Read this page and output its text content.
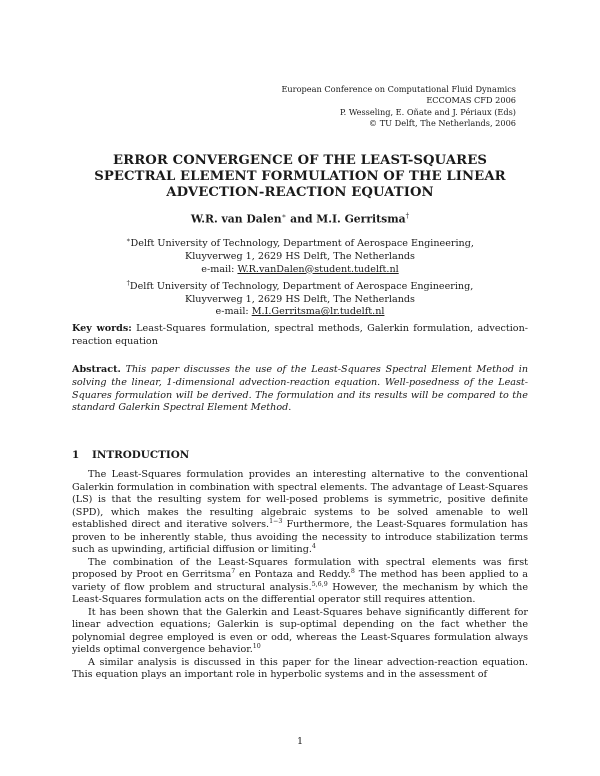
European Conference on Computational Fluid Dynamics
ECCOMAS CFD 2006
P. Wesseling, E. Oñate and J. Périaux (Eds)
© TU Delft, The Netherlands, 2006
ERROR CONVERGENCE OF THE LEAST-SQUARES
SPECTRAL ELEMENT FORMULATION OF THE LINEAR
ADVECTION-REACTION EQUATION
W.R. van Dalen∗ and M.I. Gerritsma†
∗Delft University of Technology, Department of Aerospace Engineering,
Kluyverweg 1, 2629 HS Delft, The Netherlands
e-mail: W.R.vanDalen@student.tudelft.nl
†Delft University of Technology, Department of Aerospace Engineering,
Kluyverweg 1, 2629 HS Delft, The Netherlands
e-mail: M.I.Gerritsma@lr.tudelft.nl
Key words: Least-Squares formulation, spectral methods, Galerkin formulation, advection-reaction equation
Abstract. This paper discusses the use of the Least-Squares Spectral Element Method in solving the linear, 1-dimensional advection-reaction equation. Well-posedness of the Least-Squares formulation will be derived. The formulation and its results will be compared to the standard Galerkin Spectral Element Method.
1 INTRODUCTION

The Least-Squares formulation provides an interesting alternative to the conventional Galerkin formulation in combination with spectral elements. The advantage of Least-Squares (LS) is that the resulting system for well-posed problems is symmetric, positive definite (SPD), which makes the resulting algebraic systems to be solved amenable to well established direct and iterative solvers.$^{1-3}$ Furthermore, the Least-Squares formulation has proven to be inherently stable, thus avoiding the necessity to introduce stabilization terms such as upwinding, artificial diffusion or limiting.$^4$

The combination of the Least-Squares formulation with spectral elements was first proposed by Proot en Gerritsma$^7$ en Pontaza and Reddy.$^8$ The method has been applied to a variety of flow problem and structural analysis.$^{5,6,9}$ However, the mechanism by which the Least-Squares formulation acts on the differential operator still requires attention.

It has been shown that the Galerkin and Least-Squares behave significantly different for linear advection equations; Galerkin is sup-optimal depending on the fact whether the polynomial degree employed is even or odd, whereas the Least-Squares formulation always yields optimal convergence behavior.$^{10}$

A similar analysis is discussed in this paper for the linear advection-reaction equation. This equation plays an important role in hyperbolic systems and in the assessment of

1
